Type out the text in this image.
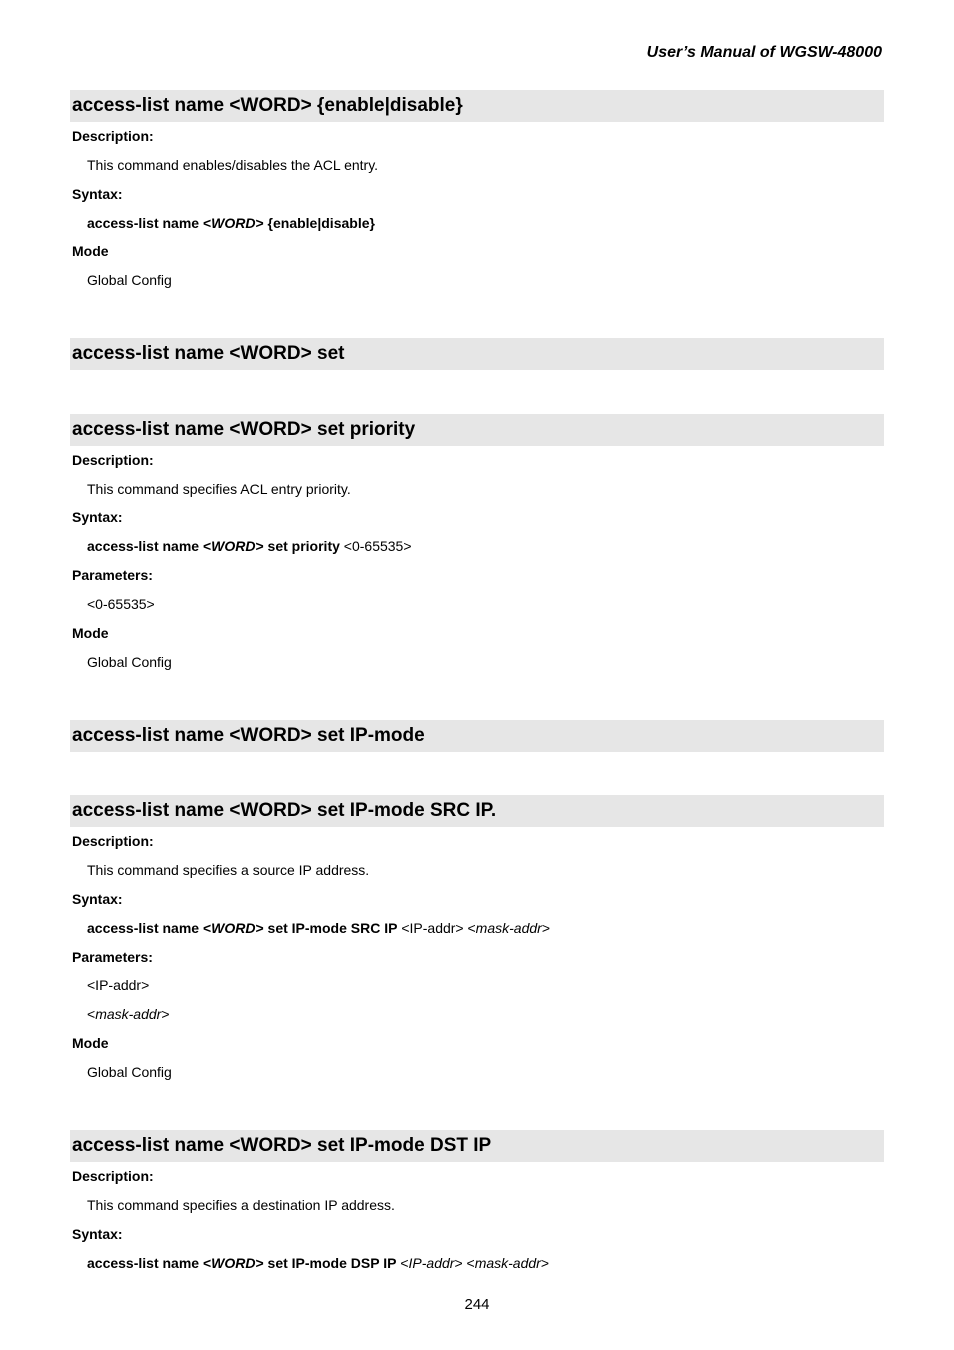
User’s Manual of WGSW-48000
access-list name <WORD> {enable|disable}
Description:
This command enables/disables the ACL entry.
Syntax:
access-list name <WORD> {enable|disable}
Mode
Global Config
access-list name <WORD> set
access-list name <WORD> set priority
Description:
This command specifies ACL entry priority.
Syntax:
access-list name <WORD> set priority <0-65535>
Parameters:
<0-65535>
Mode
Global Config
access-list name <WORD> set IP-mode
access-list name <WORD> set IP-mode SRC IP.
Description:
This command specifies a source IP address.
Syntax:
access-list name <WORD> set IP-mode SRC IP <IP-addr> <mask-addr>
Parameters:
<IP-addr>
<mask-addr>
Mode
Global Config
access-list name <WORD> set IP-mode DST IP
Description:
This command specifies a destination IP address.
Syntax:
access-list name <WORD> set IP-mode DSP IP <IP-addr> <mask-addr>
244
